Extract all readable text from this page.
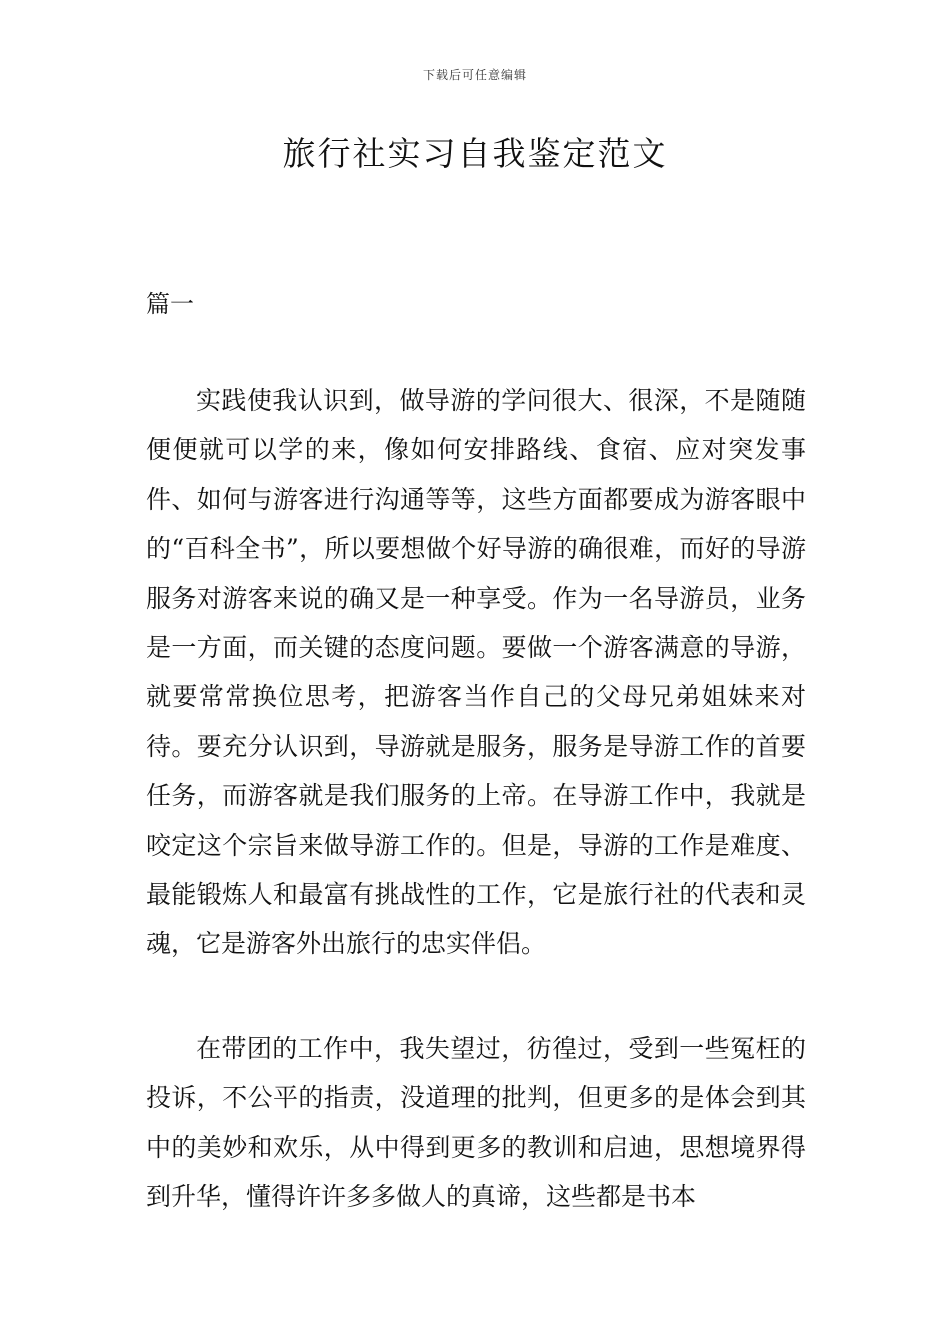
下载后可任意编辑
旅行社实习自我鉴定范文
篇一

实践使我认识到，做导游的学问很大、很深，不是随随便便就可以学的来，像如何安排路线、食宿、应对突发事件、如何与游客进行沟通等等，这些方面都要成为游客眼中的“百科全书”，所以要想做个好导游的确很难，而好的导游服务对游客来说的确又是一种享受。作为一名导游员，业务是一方面，而关键的态度问题。要做一个游客满意的导游，就要常常换位思考，把游客当作自己的父母兄弟姐妹来对待。要充分认识到，导游就是服务，服务是导游工作的首要任务，而游客就是我们服务的上帝。在导游工作中，我就是咬定这个宗旨来做导游工作的。但是，导游的工作是难度、最能锻炼人和最富有挑战性的工作，它是旅行社的代表和灵魂，它是游客外出旅行的忠实伴侣。

在带团的工作中，我失望过，彷徨过，受到一些冤枉的投诉，不公平的指责，没道理的批判，但更多的是体会到其中的美妙和欢乐，从中得到更多的教训和启迪，思想境界得到升华，懂得许许多多做人的真谛，这些都是书本
